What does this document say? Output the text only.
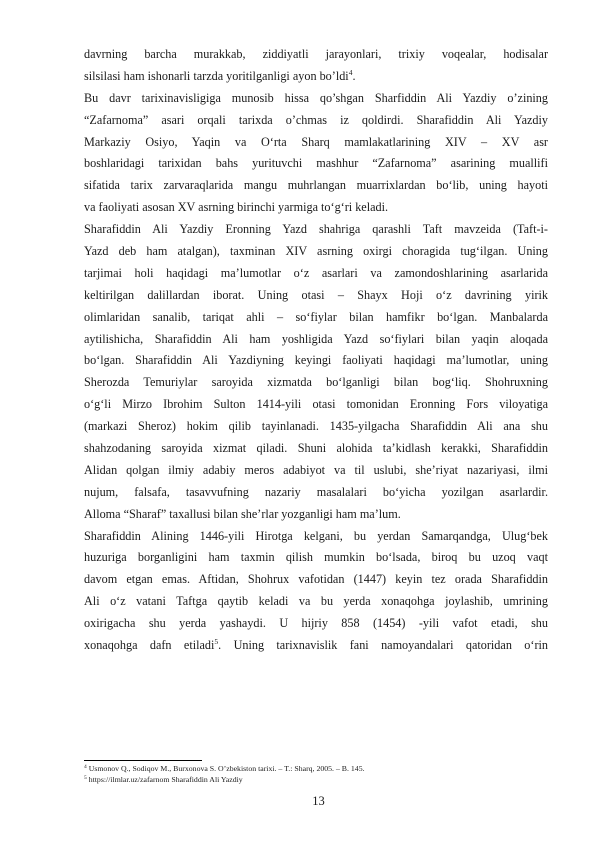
davrning barcha murakkab, ziddiyatli jarayonlari, trixiy voqealar, hodisalar
silsilasi ham ishonarli tarzda yoritilganligi ayon bo’ldi$^4$.
Bu davr tarixinavisligiga munosib hissa qo’shgan Sharfiddin Ali Yazdiy o’zining
“Zafarnoma” asari orqali tarixda o’chmas iz qoldirdi. Sharafiddin Ali Yazdiy
Markaziy Osiyo, Yaqin va O‘rta Sharq mamlakatlarining XIV – XV asr
boshlaridagi tarixidan bahs yurituvchi mashhur “Zafarnoma” asarining muallifi
sifatida tarix zarvaraqlarida mangu muhrlangan muarrixlardan bo‘lib, uning hayoti
va faoliyati asosan XV asrning birinchi yarmiga to‘g‘ri keladi.
Sharafiddin Ali Yazdiy Eronning Yazd shahriga qarashli Taft mavzeida (Taft-i-
Yazd deb ham atalgan), taxminan XIV asrning oxirgi choragida tug‘ilgan. Uning
tarjimai holi haqidagi ma’lumotlar o‘z asarlari va zamondoshlarining asarlarida
keltirilgan dalillardan iborat. Uning otasi – Shayx Hoji o‘z davrining yirik
olimlaridan sanalib, tariqat ahli – so‘fiylar bilan hamfikr bo‘lgan. Manbalarda
aytilishicha, Sharafiddin Ali ham yoshligida Yazd so‘fiylari bilan yaqin aloqada
bo‘lgan. Sharafiddin Ali Yazdiyning keyingi faoliyati haqidagi ma’lumotlar, uning
Sherozda Temuriylar saroyida xizmatda bo‘lganligi bilan bog‘liq. Shohruxning
o‘g‘li Mirzo Ibrohim Sulton 1414-yili otasi tomonidan Eronning Fors viloyatiga
(markazi Sheroz) hokim qilib tayinlanadi. 1435-yilgacha Sharafiddin Ali ana shu
shahzodaning saroyida xizmat qiladi. Shuni alohida ta’kidlash kerakki, Sharafiddin
Alidan qolgan ilmiy adabiy meros adabiyot va til uslubi, she’riyat nazariyasi, ilmi
nujum, falsafa, tasavvufning nazariy masalalari bo‘yicha yozilgan asarlardir.
Alloma “Sharaf” taxallusi bilan she’rlar yozganligi ham ma’lum.
Sharafiddin Alining 1446-yili Hirotga kelgani, bu yerdan Samarqandga, Ulug‘bek
huzuriga borganligini ham taxmin qilish mumkin bo‘lsada, biroq bu uzoq vaqt
davom etgan emas. Aftidan, Shohrux vafotidan (1447) keyin tez orada Sharafiddin
Ali o‘z vatani Taftga qaytib keladi va bu yerda xonaqohga joylashib, umrining
oxirigacha shu yerda yashaydi. U hijriy 858 (1454) -yili vafot etadi, shu
xonaqohga dafn etiladi$^5$. Uning tarixnavislik fani namoyandalari qatoridan o‘rin
$^4$ Usmonov Q., Sodiqov M., Burxonova S. O’zbekiston tarixi. – T.: Sharq, 2005. – B. 145.
$^5$ https://ilmlar.uz/zafarnom Sharafiddin Ali Yazdiy
13
